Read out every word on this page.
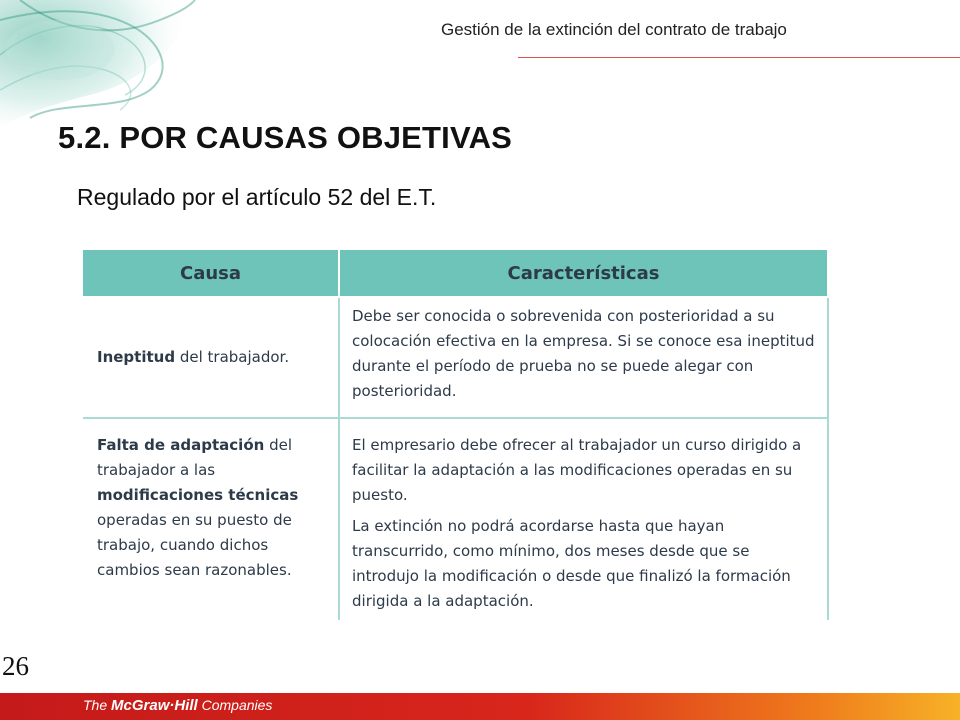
Gestión de la extinción del contrato de trabajo
5.2. POR CAUSAS OBJETIVAS
Regulado por el artículo 52 del E.T.
Causa	Características
Ineptitud del trabajador.	Debe ser conocida o sobrevenida con posterioridad a su colocación efectiva en la empresa. Si se conoce esa ineptitud durante el período de prueba no se puede alegar con posterioridad.

Falta de adaptación del trabajador a las modificaciones técnicas operadas en su puesto de trabajo, cuando dichos cambios sean razonables.	El empresario debe ofrecer al trabajador un curso dirigido a facilitar la adaptación a las modificaciones operadas en su puesto.

La extinción no podrá acordarse hasta que hayan transcurrido, como mínimo, dos meses desde que se introdujo la modificación o desde que finalizó la formación dirigida a la adaptación.

26
The McGraw·Hill Companies
